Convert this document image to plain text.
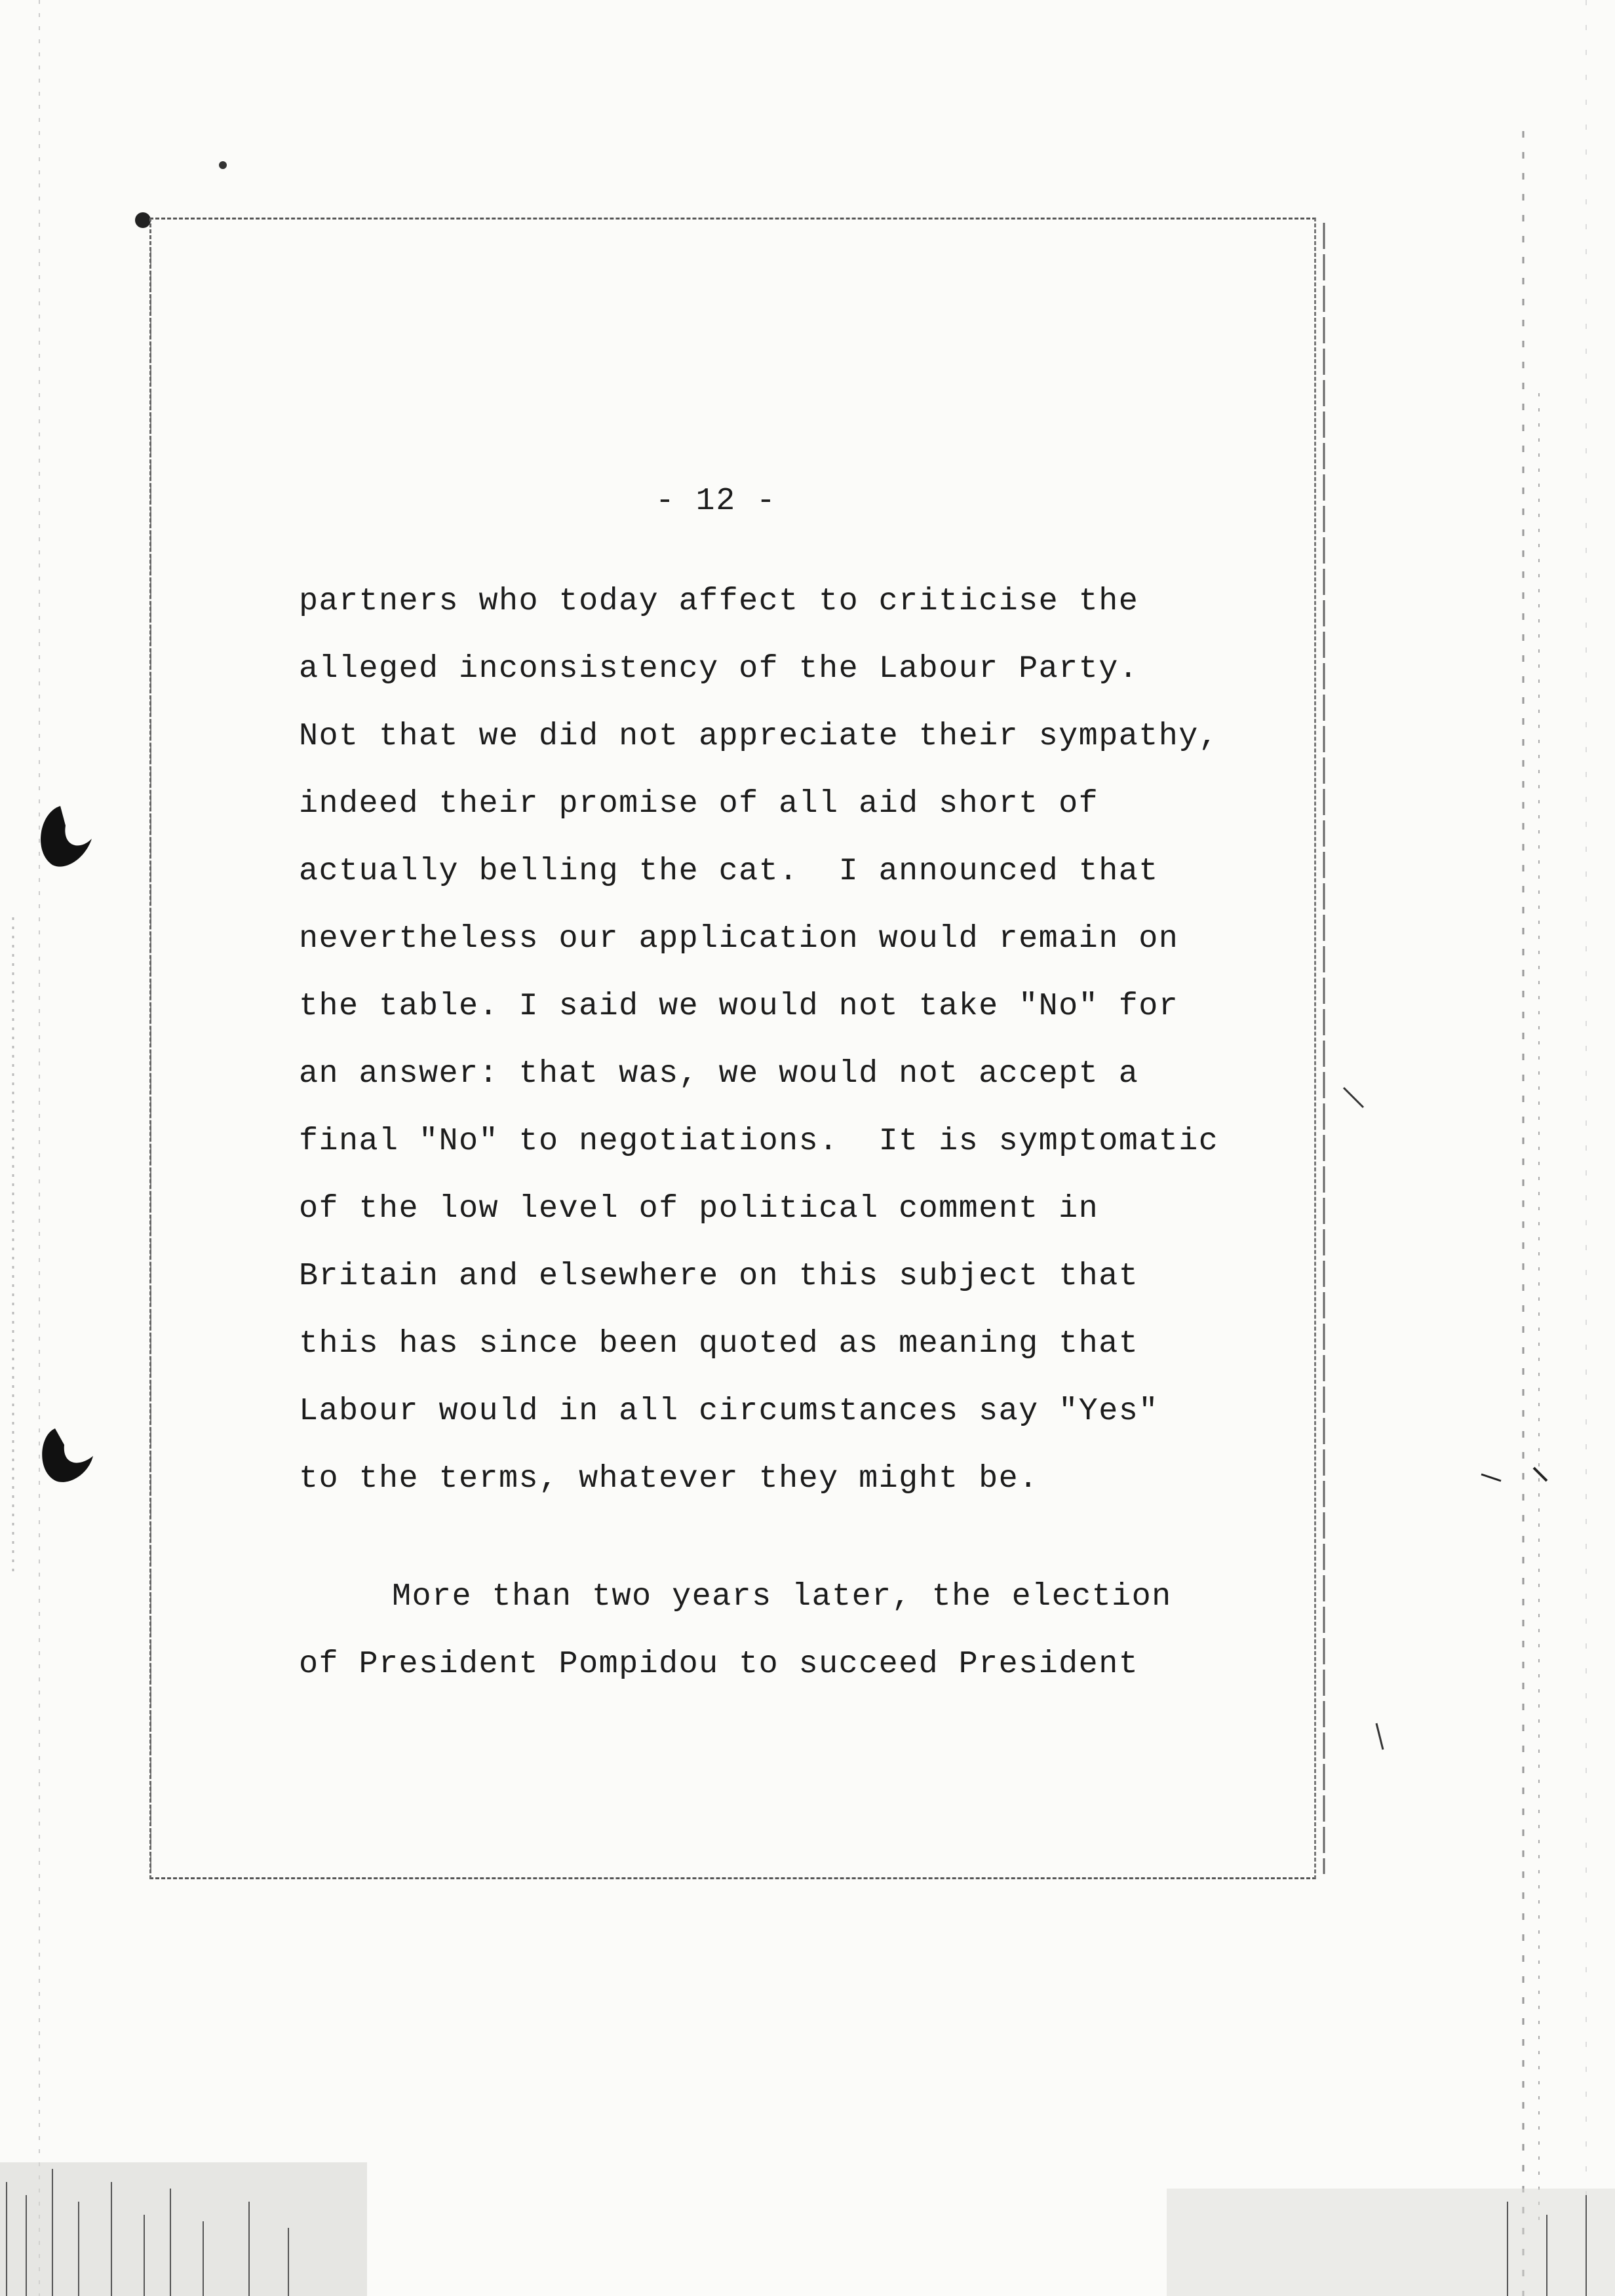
- 12 -
partners who today affect to criticise the
alleged inconsistency of the Labour Party.
Not that we did not appreciate their sympathy,
indeed their promise of all aid short of
actually belling the cat.  I announced that
nevertheless our application would remain on
the table. I said we would not take "No" for
an answer: that was, we would not accept a
final "No" to negotiations.  It is symptomatic
of the low level of political comment in
Britain and elsewhere on this subject that
this has since been quoted as meaning that
Labour would in all circumstances say "Yes"
to the terms, whatever they might be.
More than two years later, the election
of President Pompidou to succeed President
